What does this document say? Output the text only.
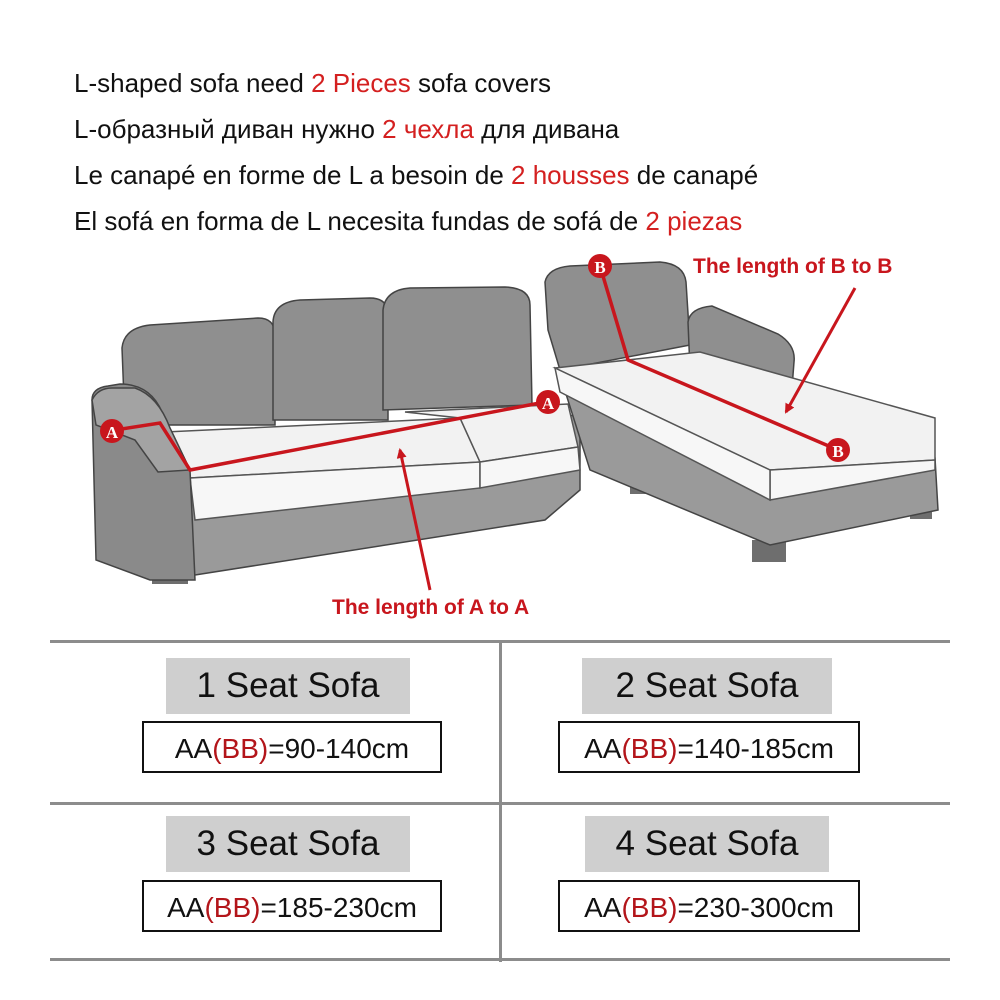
L-shaped sofa need 2 Pieces sofa covers
L-образный диван нужно 2 чехла для дивана
Le canapé en forme de L a besoin de 2 housses de canapé
El sofá en forma de L necesita fundas de sofá de 2 piezas
A
A
B
B
The length of B to B
The length of A to A
1 Seat Sofa
AA(BB)=90-140cm
2 Seat Sofa
AA(BB)=140-185cm
3 Seat Sofa
AA(BB)=185-230cm
4 Seat Sofa
AA(BB)=230-300cm
